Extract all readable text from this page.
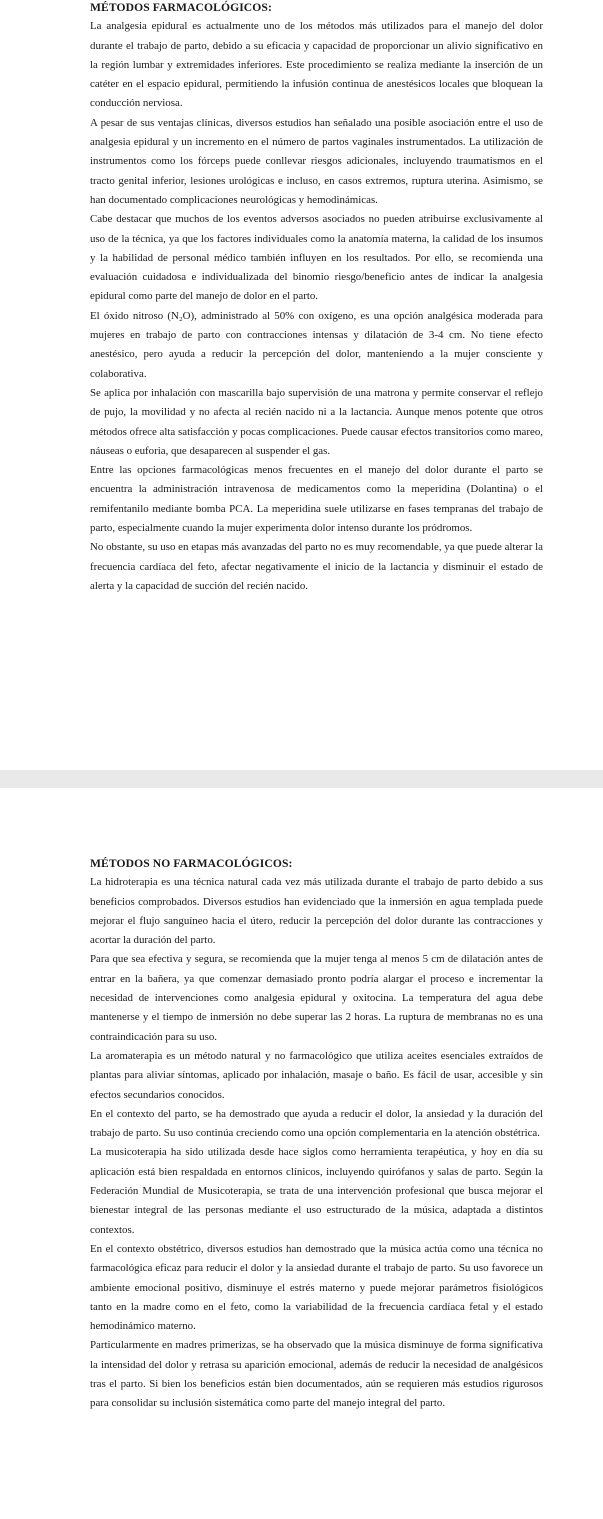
MÉTODOS FARMACOLÓGICOS:

La analgesia epidural es actualmente uno de los métodos más utilizados para el manejo del dolor durante el trabajo de parto, debido a su eficacia y capacidad de proporcionar un alivio significativo en la región lumbar y extremidades inferiores. Este procedimiento se realiza mediante la inserción de un catéter en el espacio epidural, permitiendo la infusión continua de anestésicos locales que bloquean la conducción nerviosa.

A pesar de sus ventajas clínicas, diversos estudios han señalado una posible asociación entre el uso de analgesia epidural y un incremento en el número de partos vaginales instrumentados. La utilización de instrumentos como los fórceps puede conllevar riesgos adicionales, incluyendo traumatismos en el tracto genital inferior, lesiones urológicas e incluso, en casos extremos, ruptura uterina. Asimismo, se han documentado complicaciones neurológicas y hemodinámicas.

Cabe destacar que muchos de los eventos adversos asociados no pueden atribuirse exclusivamente al uso de la técnica, ya que los factores individuales como la anatomía materna, la calidad de los insumos y la habilidad de personal médico también influyen en los resultados. Por ello, se recomienda una evaluación cuidadosa e individualizada del binomio riesgo/beneficio antes de indicar la analgesia epidural como parte del manejo de dolor en el parto.

El óxido nitroso (N₂O), administrado al 50% con oxígeno, es una opción analgésica moderada para mujeres en trabajo de parto con contracciones intensas y dilatación de 3-4 cm. No tiene efecto anestésico, pero ayuda a reducir la percepción del dolor, manteniendo a la mujer consciente y colaborativa.

Se aplica por inhalación con mascarilla bajo supervisión de una matrona y permite conservar el reflejo de pujo, la movilidad y no afecta al recién nacido ni a la lactancia. Aunque menos potente que otros métodos ofrece alta satisfacción y pocas complicaciones. Puede causar efectos transitorios como mareo, náuseas o euforia, que desaparecen al suspender el gas.

Entre las opciones farmacológicas menos frecuentes en el manejo del dolor durante el parto se encuentra la administración intravenosa de medicamentos como la meperidina (Dolantina) o el remifentanilo mediante bomba PCA. La meperidina suele utilizarse en fases tempranas del trabajo de parto, especialmente cuando la mujer experimenta dolor intenso durante los pródromos.

No obstante, su uso en etapas más avanzadas del parto no es muy recomendable, ya que puede alterar la frecuencia cardíaca del feto, afectar negativamente el inicio de la lactancia y disminuir el estado de alerta y la capacidad de succión del recién nacido.

MÉTODOS NO FARMACOLÓGICOS:

La hidroterapia es una técnica natural cada vez más utilizada durante el trabajo de parto debido a sus beneficios comprobados. Diversos estudios han evidenciado que la inmersión en agua templada puede mejorar el flujo sanguíneo hacia el útero, reducir la percepción del dolor durante las contracciones y acortar la duración del parto.

Para que sea efectiva y segura, se recomienda que la mujer tenga al menos 5 cm de dilatación antes de entrar en la bañera, ya que comenzar demasiado pronto podría alargar el proceso e incrementar la necesidad de intervenciones como analgesia epidural y oxitocina. La temperatura del agua debe mantenerse y el tiempo de inmersión no debe superar las 2 horas. La ruptura de membranas no es una contraindicación para su uso.

La aromaterapia es un método natural y no farmacológico que utiliza aceites esenciales extraídos de plantas para aliviar síntomas, aplicado por inhalación, masaje o baño. Es fácil de usar, accesible y sin efectos secundarios conocidos.

En el contexto del parto, se ha demostrado que ayuda a reducir el dolor, la ansiedad y la duración del trabajo de parto. Su uso continúa creciendo como una opción complementaria en la atención obstétrica.

La musicoterapia ha sido utilizada desde hace siglos como herramienta terapéutica, y hoy en día su aplicación está bien respaldada en entornos clínicos, incluyendo quirófanos y salas de parto. Según la Federación Mundial de Musicoterapia, se trata de una intervención profesional que busca mejorar el bienestar integral de las personas mediante el uso estructurado de la música, adaptada a distintos contextos.

En el contexto obstétrico, diversos estudios han demostrado que la música actúa como una técnica no farmacológica eficaz para reducir el dolor y la ansiedad durante el trabajo de parto. Su uso favorece un ambiente emocional positivo, disminuye el estrés materno y puede mejorar parámetros fisiológicos tanto en la madre como en el feto, como la variabilidad de la frecuencia cardíaca fetal y el estado hemodinámico materno.

Particularmente en madres primerizas, se ha observado que la música disminuye de forma significativa la intensidad del dolor y retrasa su aparición emocional, además de reducir la necesidad de analgésicos tras el parto. Si bien los beneficios están bien documentados, aún se requieren más estudios rigurosos para consolidar su inclusión sistemática como parte del manejo integral del parto.
